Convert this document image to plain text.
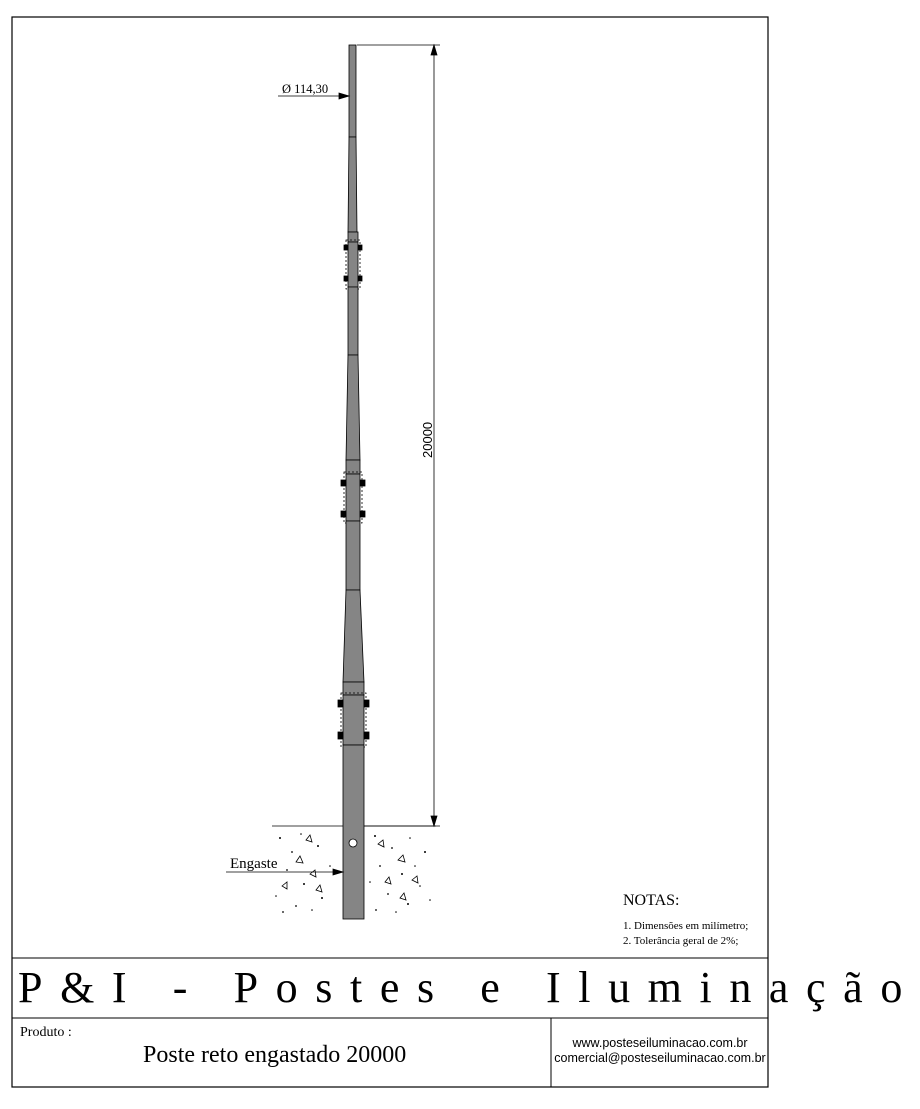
Ø 114,30
20000
Engaste
NOTAS:
1. Dimensões em milímetro;
2. Tolerância geral de 2%;
P&I - Postes e Iluminação
Produto :
Poste reto engastado 20000	www.posteseiluminacao.com.br
comercial@posteseiluminacao.com.br
